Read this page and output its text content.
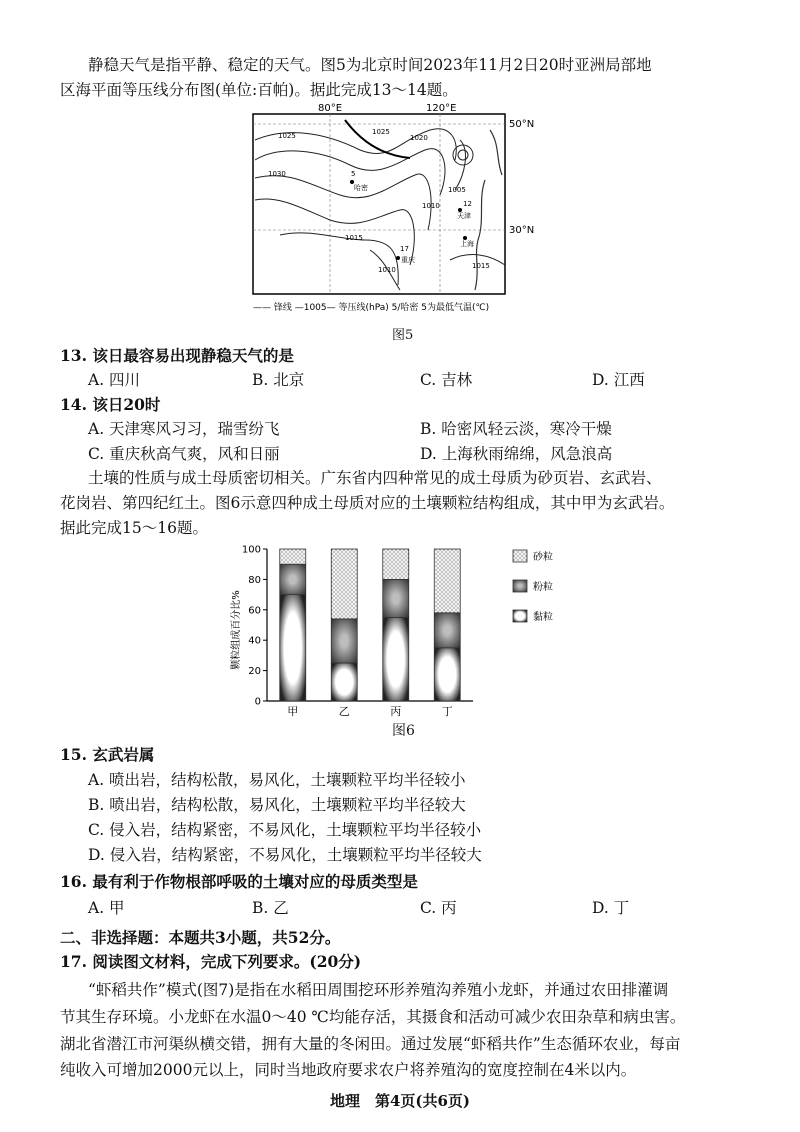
静稳天气是指平静、稳定的天气。图5为北京时间2023年11月2日20时亚洲局部地
区海平面等压线分布图(单位:百帕)。据此完成13～14题。
80°E	120°E
50°N
30°N
1025
1030
1025
1020
1005
1010
1015
1010	1015
5
哈密
12
天津
上海
17
重庆
—— 锋线 —1005— 等压线(hPa) 5/哈密 5为最低气温(℃)
图5
13. 该日最容易出现静稳天气的是
A. 四川	B. 北京	C. 吉林	D. 江西
14. 该日20时
A. 天津寒风习习，瑞雪纷飞	B. 哈密风轻云淡，寒冷干燥
C. 重庆秋高气爽，风和日丽	D. 上海秋雨绵绵，风急浪高
土壤的性质与成土母质密切相关。广东省内四种常见的成土母质为砂页岩、玄武岩、
花岗岩、第四纪红土。图6示意四种成土母质对应的土壤颗粒结构组成，其中甲为玄武岩。
据此完成15～16题。
颗粒组成百分比%
0
20
40
60
80
100
甲	乙	丙	丁
砂粒
粉粒
黏粒
图6
15. 玄武岩属
A. 喷出岩，结构松散，易风化，土壤颗粒平均半径较小
B. 喷出岩，结构松散，易风化，土壤颗粒平均半径较大
C. 侵入岩，结构紧密，不易风化，土壤颗粒平均半径较小
D. 侵入岩，结构紧密，不易风化，土壤颗粒平均半径较大
16. 最有利于作物根部呼吸的土壤对应的母质类型是
A. 甲	B. 乙	C. 丙	D. 丁
二、非选择题：本题共3小题，共52分。
17. 阅读图文材料，完成下列要求。(20分)
“虾稻共作”模式(图7)是指在水稻田周围挖环形养殖沟养殖小龙虾，并通过农田排灌调
节其生存环境。小龙虾在水温0～40 ℃均能存活，其摄食和活动可减少农田杂草和病虫害。
湖北省潜江市河渠纵横交错，拥有大量的冬闲田。通过发展“虾稻共作”生态循环农业，每亩
纯收入可增加2000元以上，同时当地政府要求农户将养殖沟的宽度控制在4米以内。
地理　第4页(共6页)
